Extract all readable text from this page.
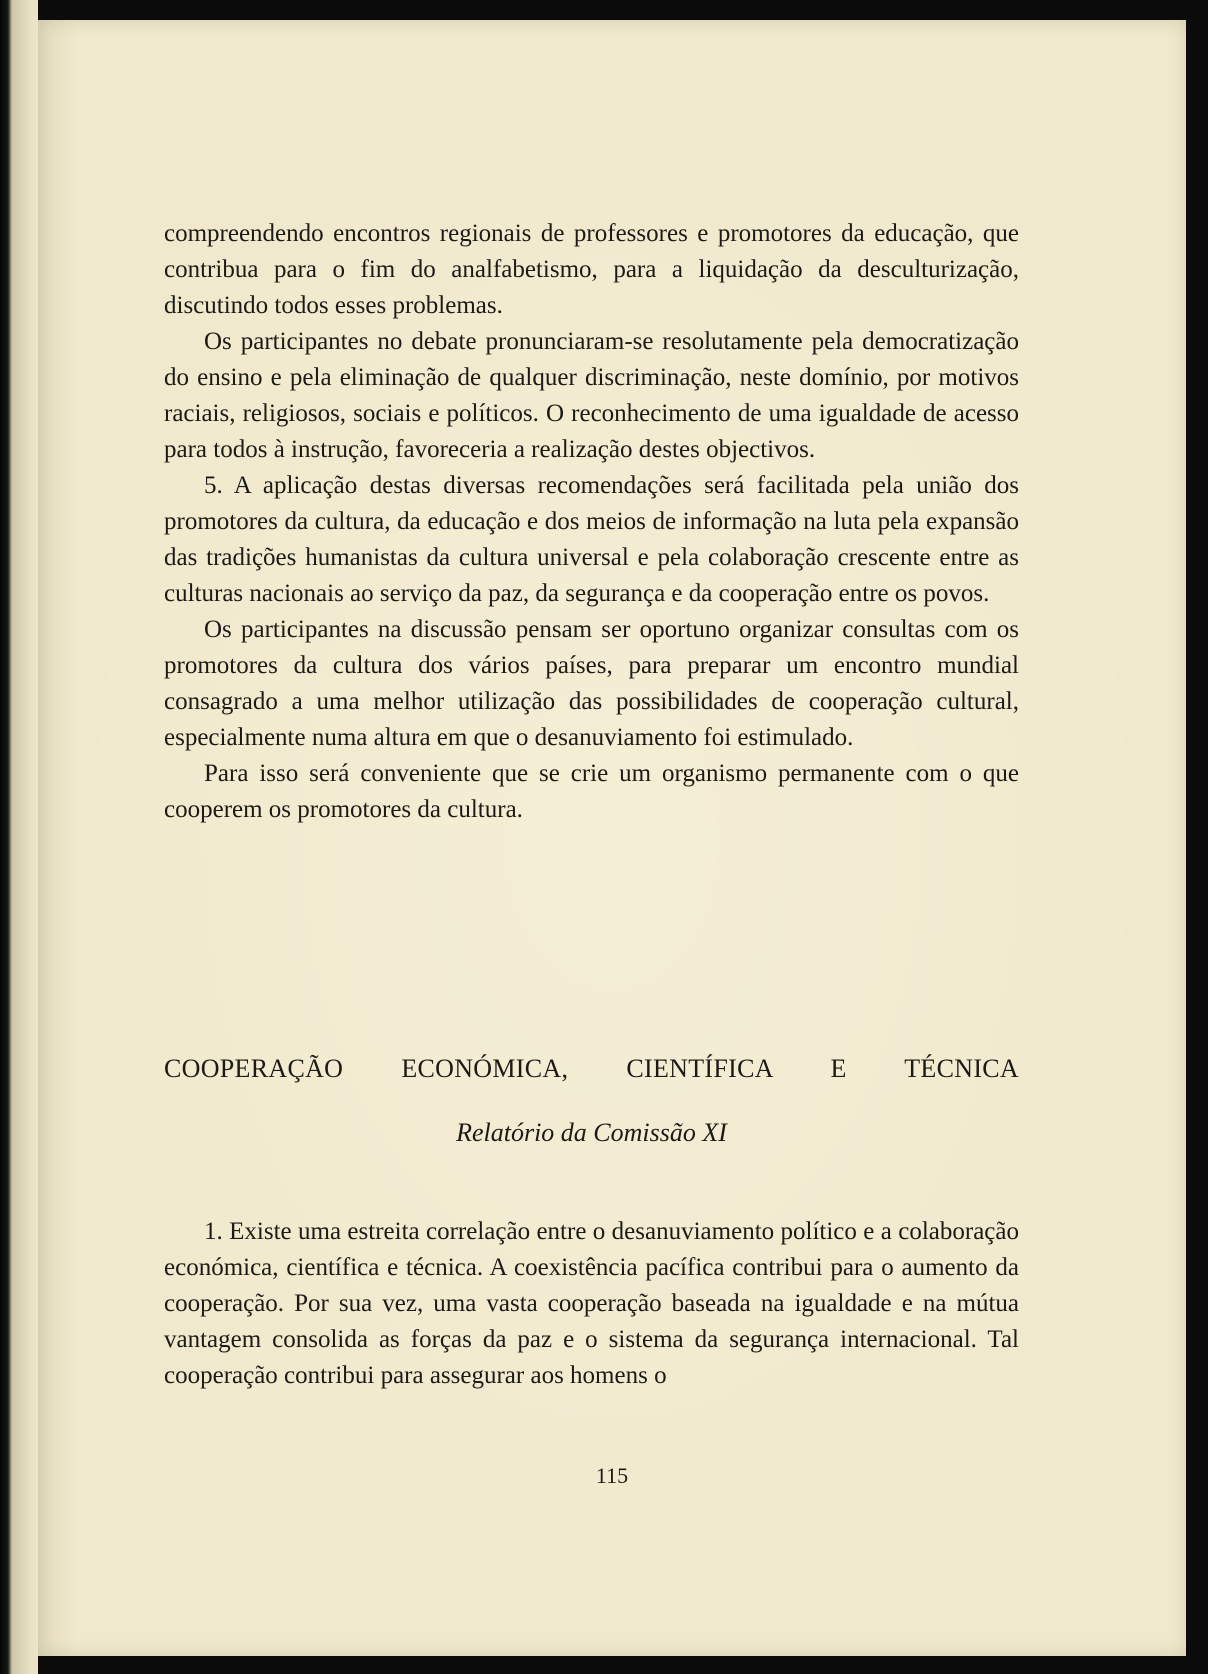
compreendendo encontros regionais de professores e promotores da educação, que contribua para o fim do analfabetismo, para a liquidação da desculturização, discutindo todos esses problemas.

Os participantes no debate pronunciaram-se resolutamente pela democratização do ensino e pela eliminação de qualquer discriminação, neste domínio, por motivos raciais, religiosos, sociais e políticos. O reconhecimento de uma igualdade de acesso para todos à instrução, favoreceria a realização destes objectivos.

5. A aplicação destas diversas recomendações será facilitada pela união dos promotores da cultura, da educação e dos meios de informação na luta pela expansão das tradições humanistas da cultura universal e pela colaboração crescente entre as culturas nacionais ao serviço da paz, da segurança e da cooperação entre os povos.

Os participantes na discussão pensam ser oportuno organizar consultas com os promotores da cultura dos vários países, para preparar um encontro mundial consagrado a uma melhor utilização das possibilidades de cooperação cultural, especialmente numa altura em que o desanuviamento foi estimulado.

Para isso será conveniente que se crie um organismo permanente com o que cooperem os promotores da cultura.

COOPERAÇÃO ECONÓMICA, CIENTÍFICA E TÉCNICA
Relatório da Comissão XI

1. Existe uma estreita correlação entre o desanuviamento político e a colaboração económica, científica e técnica. A coexistência pacífica contribui para o aumento da cooperação. Por sua vez, uma vasta cooperação baseada na igualdade e na mútua vantagem consolida as forças da paz e o sistema da segurança internacional. Tal cooperação contribui para assegurar aos homens o

115
